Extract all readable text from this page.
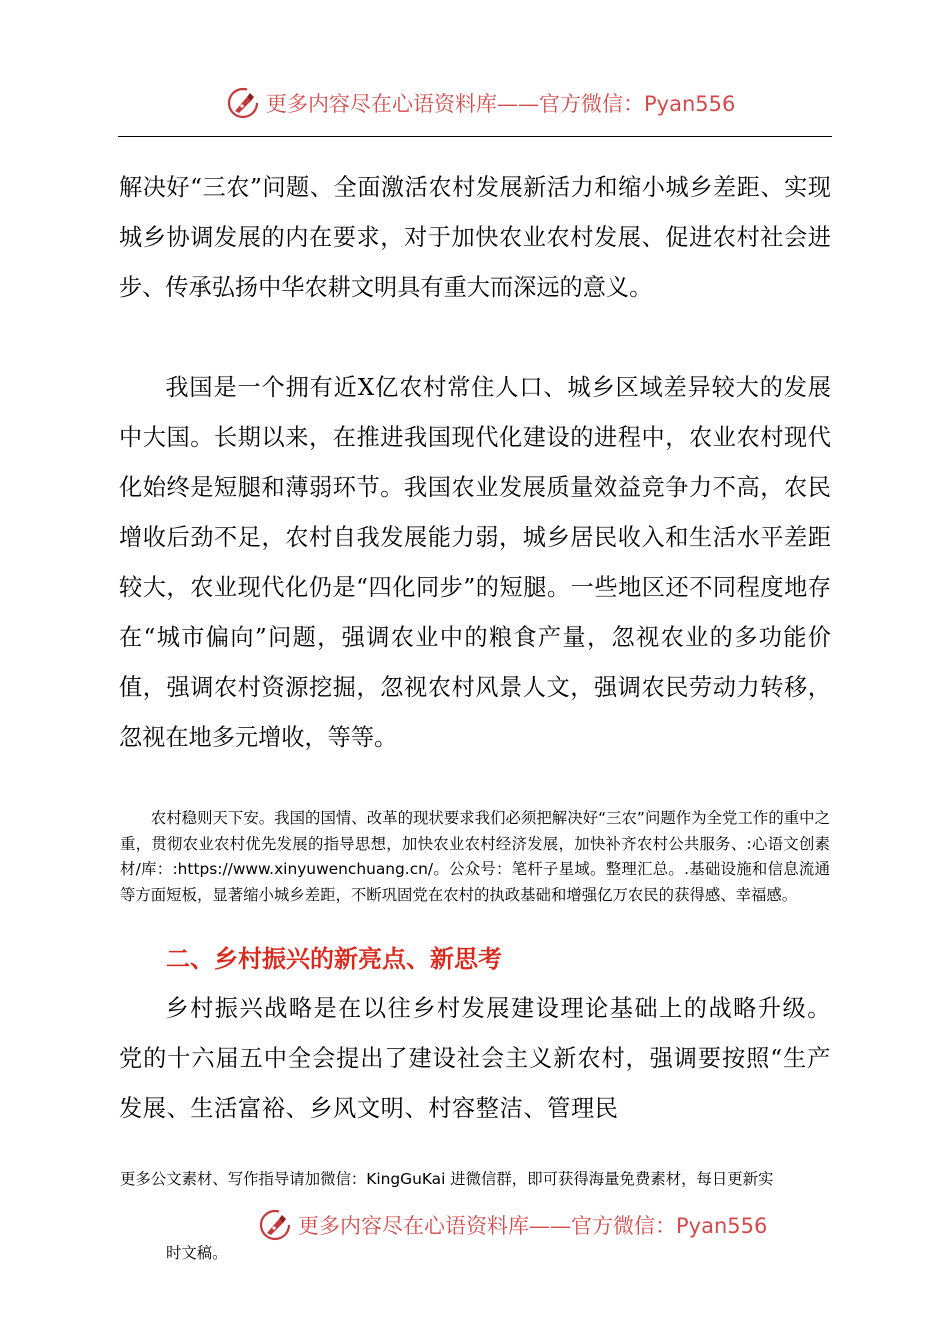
更多内容尽在心语资料库——官方微信：Pyan556

解决好“三农”问题、全面激活农村发展新活力和缩小城乡差距、实现城乡协调发展的内在要求，对于加快农业农村发展、促进农村社会进步、传承弘扬中华农耕文明具有重大而深远的意义。

我国是一个拥有近X亿农村常住人口、城乡区域差异较大的发展中大国。长期以来，在推进我国现代化建设的进程中，农业农村现代化始终是短腿和薄弱环节。我国农业发展质量效益竞争力不高，农民增收后劲不足，农村自我发展能力弱，城乡居民收入和生活水平差距较大，农业现代化仍是“四化同步”的短腿。一些地区还不同程度地存在“城市偏向”问题，强调农业中的粮食产量，忽视农业的多功能价值，强调农村资源挖掘，忽视农村风景人文，强调农民劳动力转移，忽视在地多元增收，等等。

农村稳则天下安。我国的国情、改革的现状要求我们必须把解决好“三农”问题作为全党工作的重中之重，贯彻农业农村优先发展的指导思想，加快农业农村经济发展，加快补齐农村公共服务、:心语文创素材/库：:https://www.xinyuwenchuang.cn/。公众号：笔杆子星域。整理汇总。.基础设施和信息流通等方面短板，显著缩小城乡差距，不断巩固党在农村的执政基础和增强亿万农民的获得感、幸福感。

二、乡村振兴的新亮点、新思考

乡村振兴战略是在以往乡村发展建设理论基础上的战略升级。党的十六届五中全会提出了建设社会主义新农村，强调要按照“生产发展、生活富裕、乡风文明、村容整洁、管理民

更多公文素材、写作指导请加微信：KingGuKai 进微信群，即可获得海量免费素材，每日更新实
更多内容尽在心语资料库——官方微信：Pyan556
时文稿。
